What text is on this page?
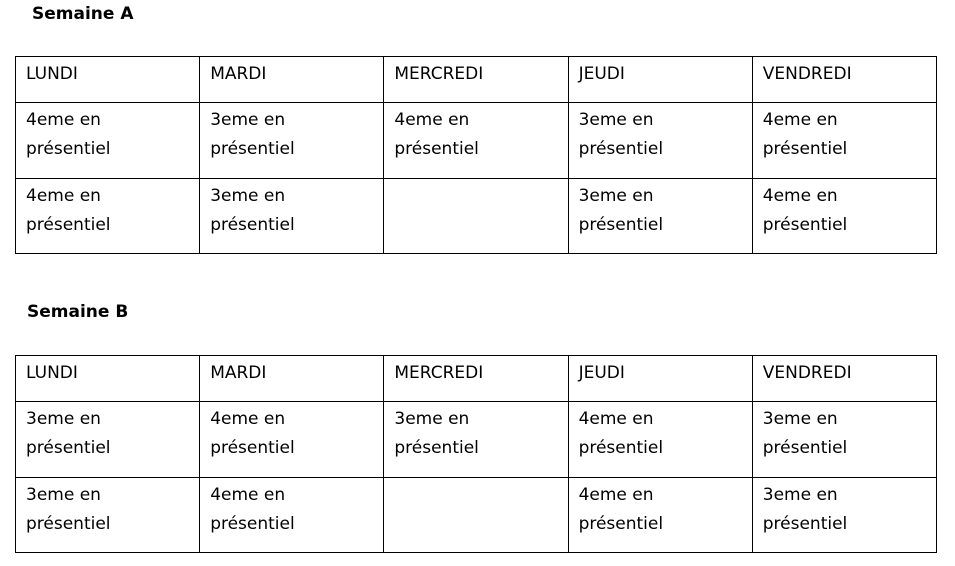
Semaine A

LUNDI	MARDI	MERCREDI	JEUDI	VENDREDI

4eme en
présentiel	3eme en
présentiel	4eme en
présentiel	3eme en
présentiel	4eme en
présentiel

4eme en
présentiel	3eme en
présentiel		3eme en
présentiel	4eme en
présentiel

Semaine B

LUNDI	MARDI	MERCREDI	JEUDI	VENDREDI

3eme en
présentiel	4eme en
présentiel	3eme en
présentiel	4eme en
présentiel	3eme en
présentiel

3eme en
présentiel	4eme en
présentiel		4eme en
présentiel	3eme en
présentiel
